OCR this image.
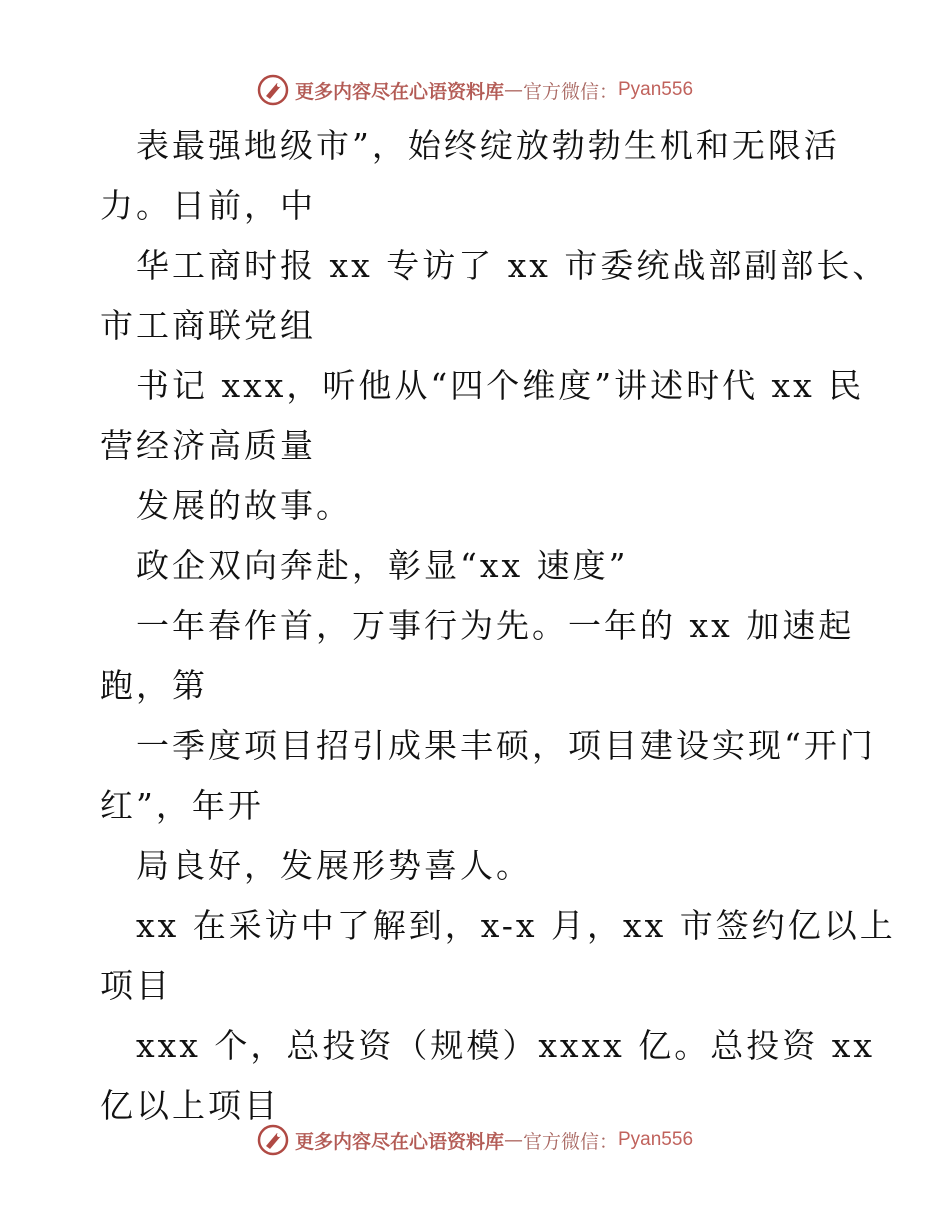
更多内容尽在心语资料库 — 官方微信： Pyan556
表最强地级市”，始终绽放勃勃生机和无限活
力。日前，中
华工商时报 xx 专访了 xx 市委统战部副部长、
市工商联党组
书记 xxx，听他从“四个维度”讲述时代 xx 民
营经济高质量
发展的故事。
政企双向奔赴，彰显“xx 速度”
一年春作首，万事行为先。一年的 xx 加速起
跑，第
一季度项目招引成果丰硕，项目建设实现“开门
红”，年开
局良好，发展形势喜人。
xx 在采访中了解到，x-x 月，xx 市签约亿以上
项目
xxx 个，总投资（规模）xxxx 亿。总投资 xx
亿以上项目
更多内容尽在心语资料库 — 官方微信： Pyan556
